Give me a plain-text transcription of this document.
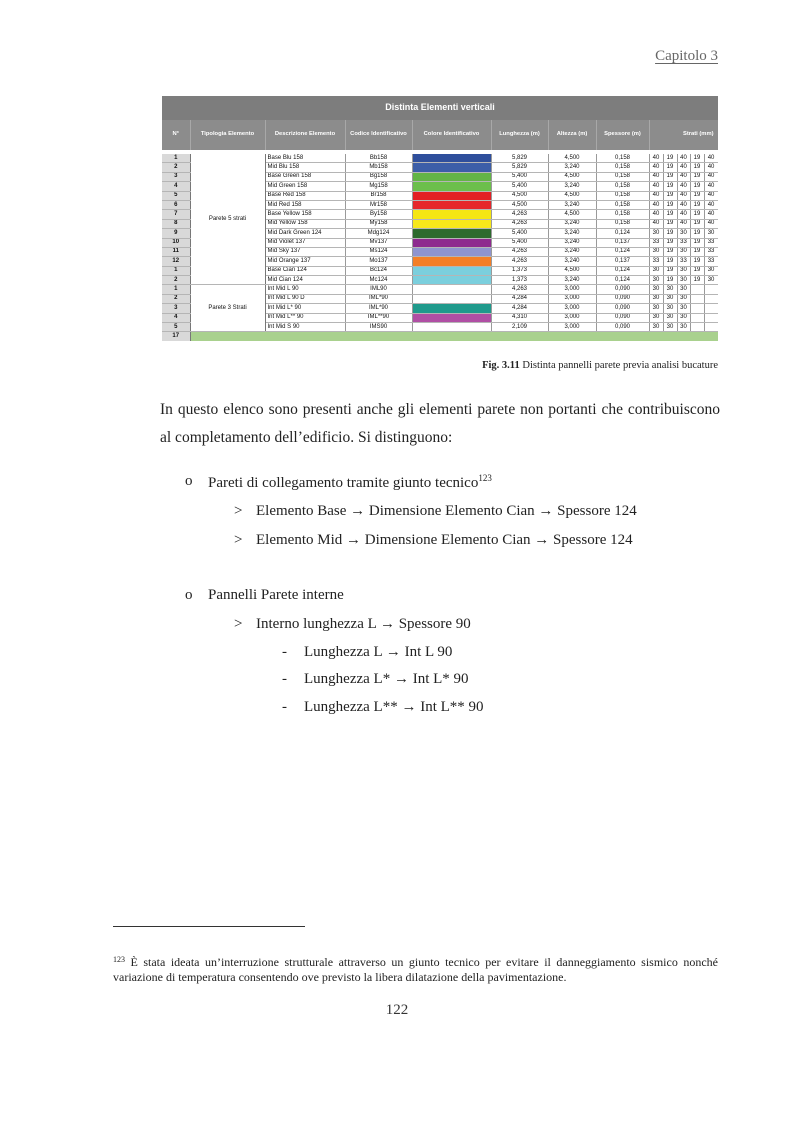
Capitolo 3
Distinta Elementi verticali												
N°	Tipologia Elemento	Descrizione Elemento	Codice Identificativo	Colore Identificativo	Lunghezza (m)	Altezza (m)	Spessore (m)	Strati (mm)				

1	Parete 5 strati	Base Blu 158	Bb158		5,829	4,500	0,158	40	19	40	19	40
2		Mid Blu 158	Mb158		5,829	3,240	0,158	40	19	40	19	40
3		Base Green 158	Bg158		5,400	4,500	0,158	40	19	40	19	40
4		Mid Green 158	Mg158		5,400	3,240	0,158	40	19	40	19	40
5		Base Red 158	Br158		4,500	4,500	0,158	40	19	40	19	40
6		Mid Red 158	Mr158		4,500	3,240	0,158	40	19	40	19	40
7		Base Yellow 158	By158		4,263	4,500	0,158	40	19	40	19	40
8		Mid Yellow 158	My158		4,263	3,240	0,158	40	19	40	19	40
9		Mid Dark Green 124	Mdg124		5,400	3,240	0,124	30	19	30	19	30
10		Mid Violet 137	Mv137		5,400	3,240	0,137	33	19	33	19	33
11		Mid Sky 137	Ms124		4,263	3,240	0,124	30	19	30	19	33
12		Mid Orange 137	Mo137		4,263	3,240	0,137	33	19	33	19	33
1		Base Cian 124	Bc124		1,373	4,500	0,124	30	19	30	19	30
2		Mid Cian 124	Mc124		1,373	3,240	0,124	30	19	30	19	30
1	Parete 3 Strati	Int Mid L 90	IML90		4,263	3,000	0,090	30	30	30		
2		Int Mid L 90 D	IML*90		4,284	3,000	0,090	30	30	30		
3		Int Mid L* 90	IML*90		4,284	3,000	0,090	30	30	30		
4		Int Mid L** 90	IML**90		4,310	3,000	0,090	30	30	30		
5		Int Mid S 90	IMS90		2,109	3,000	0,090	30	30	30		
17												
Fig. 3.11 Distinta pannelli parete previa analisi bucature

In questo elenco sono presenti anche gli elementi parete non portanti che contribuiscono

al completamento dell’edificio. Si distinguono:

o Pareti di collegamento tramite giunto tecnico$^{123}$
> Elemento Base → Dimensione Elemento Cian → Spessore 124
> Elemento Mid → Dimensione Elemento Cian → Spessore 124
o Pannelli Parete interne
> Interno lunghezza L → Spessore 90
- Lunghezza L → Int L 90
- Lunghezza L* → Int L* 90
- Lunghezza L** → Int L** 90
$^{123}$ È stata ideata un’interruzione strutturale attraverso un giunto tecnico per evitare il danneggiamento sismico nonché variazione di temperatura consentendo ove previsto la libera dilatazione della pavimentazione.
122
